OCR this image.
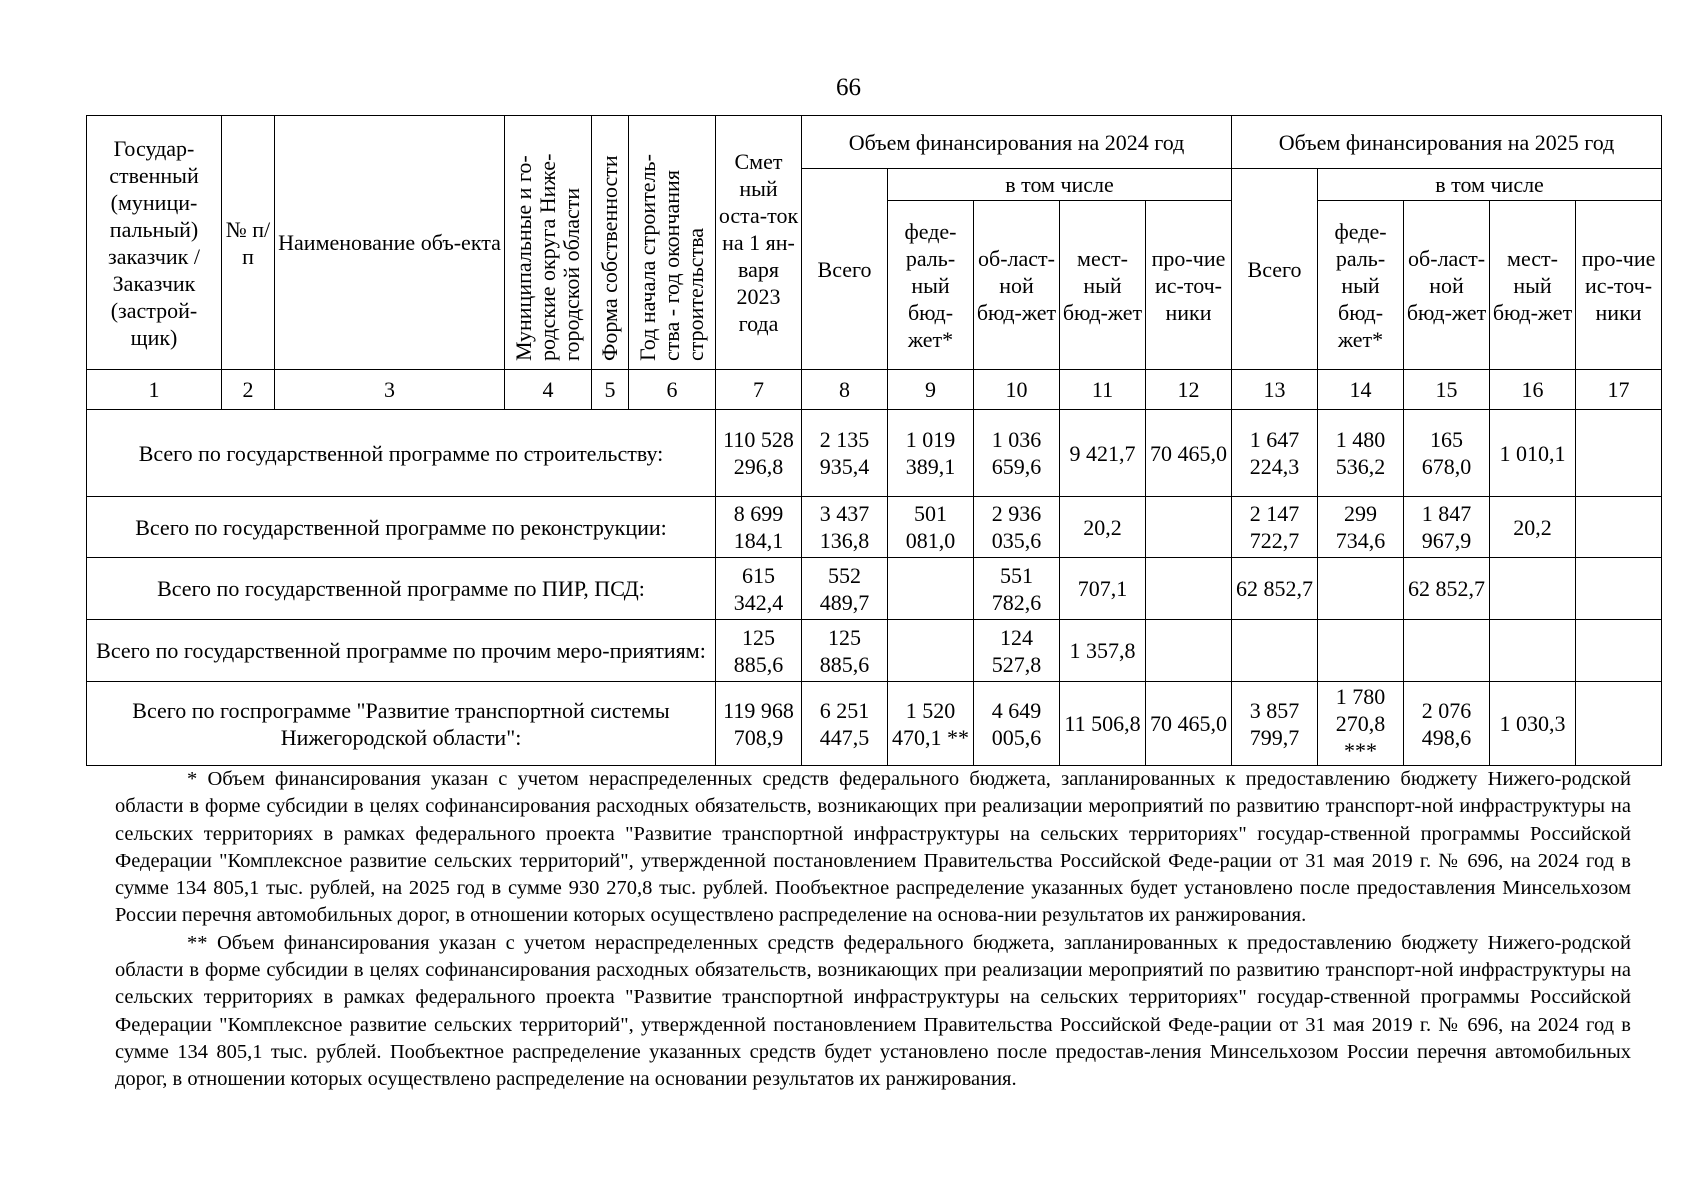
66
Государ-ственный (муници-пальный) заказчик / Заказчик (застрой-щик)	№ п/ п	Наименование объ-екта	Муниципальные и го-родские округа Ниже-городской области	Форма собственности	Год начала строитель-ства - год окончания строительства	Смет ный оста-ток на 1 ян-варя 2023 года	Объем финансирования на 2024 год					Объем финансирования на 2025 год				
							Всего	в том числе				Всего	в том числе			
								феде-раль-ный бюд-жет*	об-ласт-ной бюд-жет	мест-ный бюд-жет	про-чие ис-точ-ники		феде-раль-ный бюд-жет*	об-ласт-ной бюд-жет	мест-ный бюд-жет	про-чие ис-точ-ники
1	2	3	4	5	6	7	8	9	10	11	12	13	14	15	16	17
Всего по государственной программе по строительству:						110 528 296,8	2 135 935,4	1 019 389,1	1 036 659,6	9 421,7	70 465,0	1 647 224,3	1 480 536,2	165 678,0	1 010,1	
Всего по государственной программе по реконструкции:						8 699 184,1	3 437 136,8	501 081,0	2 936 035,6	20,2		2 147 722,7	299 734,6	1 847 967,9	20,2	
Всего по государственной программе по ПИР, ПСД:						615 342,4	552 489,7		551 782,6	707,1		62 852,7		62 852,7		
Всего по государственной программе по прочим меро-приятиям:						125 885,6	125 885,6		124 527,8	1 357,8						
Всего по госпрограмме "Развитие транспортной системы Нижегородской области":						119 968 708,9	6 251 447,5	1 520 470,1 **	4 649 005,6	11 506,8	70 465,0	3 857 799,7	1 780 270,8 ***	2 076 498,6	1 030,3	

* Объем финансирования указан с учетом нераспределенных средств федерального бюджета, запланированных к предоставлению бюджету Нижего-родской области в форме субсидии в целях софинансирования расходных обязательств, возникающих при реализации мероприятий по развитию транспорт-ной инфраструктуры на сельских территориях в рамках федерального проекта "Развитие транспортной инфраструктуры на сельских территориях" государ-ственной программы Российской Федерации "Комплексное развитие сельских территорий", утвержденной постановлением Правительства Российской Феде-рации от 31 мая 2019 г. № 696, на 2024 год в сумме 134 805,1 тыс. рублей, на 2025 год в сумме 930 270,8 тыс. рублей. Пообъектное распределение указанных будет установлено после предоставления Минсельхозом России перечня автомобильных дорог, в отношении которых осуществлено распределение на основа-нии результатов их ранжирования.

** Объем финансирования указан с учетом нераспределенных средств федерального бюджета, запланированных к предоставлению бюджету Нижего-родской области в форме субсидии в целях софинансирования расходных обязательств, возникающих при реализации мероприятий по развитию транспорт-ной инфраструктуры на сельских территориях в рамках федерального проекта "Развитие транспортной инфраструктуры на сельских территориях" государ-ственной программы Российской Федерации "Комплексное развитие сельских территорий", утвержденной постановлением Правительства Российской Феде-рации от 31 мая 2019 г. № 696, на 2024 год в сумме 134 805,1 тыс. рублей. Пообъектное распределение указанных средств будет установлено после предостав-ления Минсельхозом России перечня автомобильных дорог, в отношении которых осуществлено распределение на основании результатов их ранжирования.
